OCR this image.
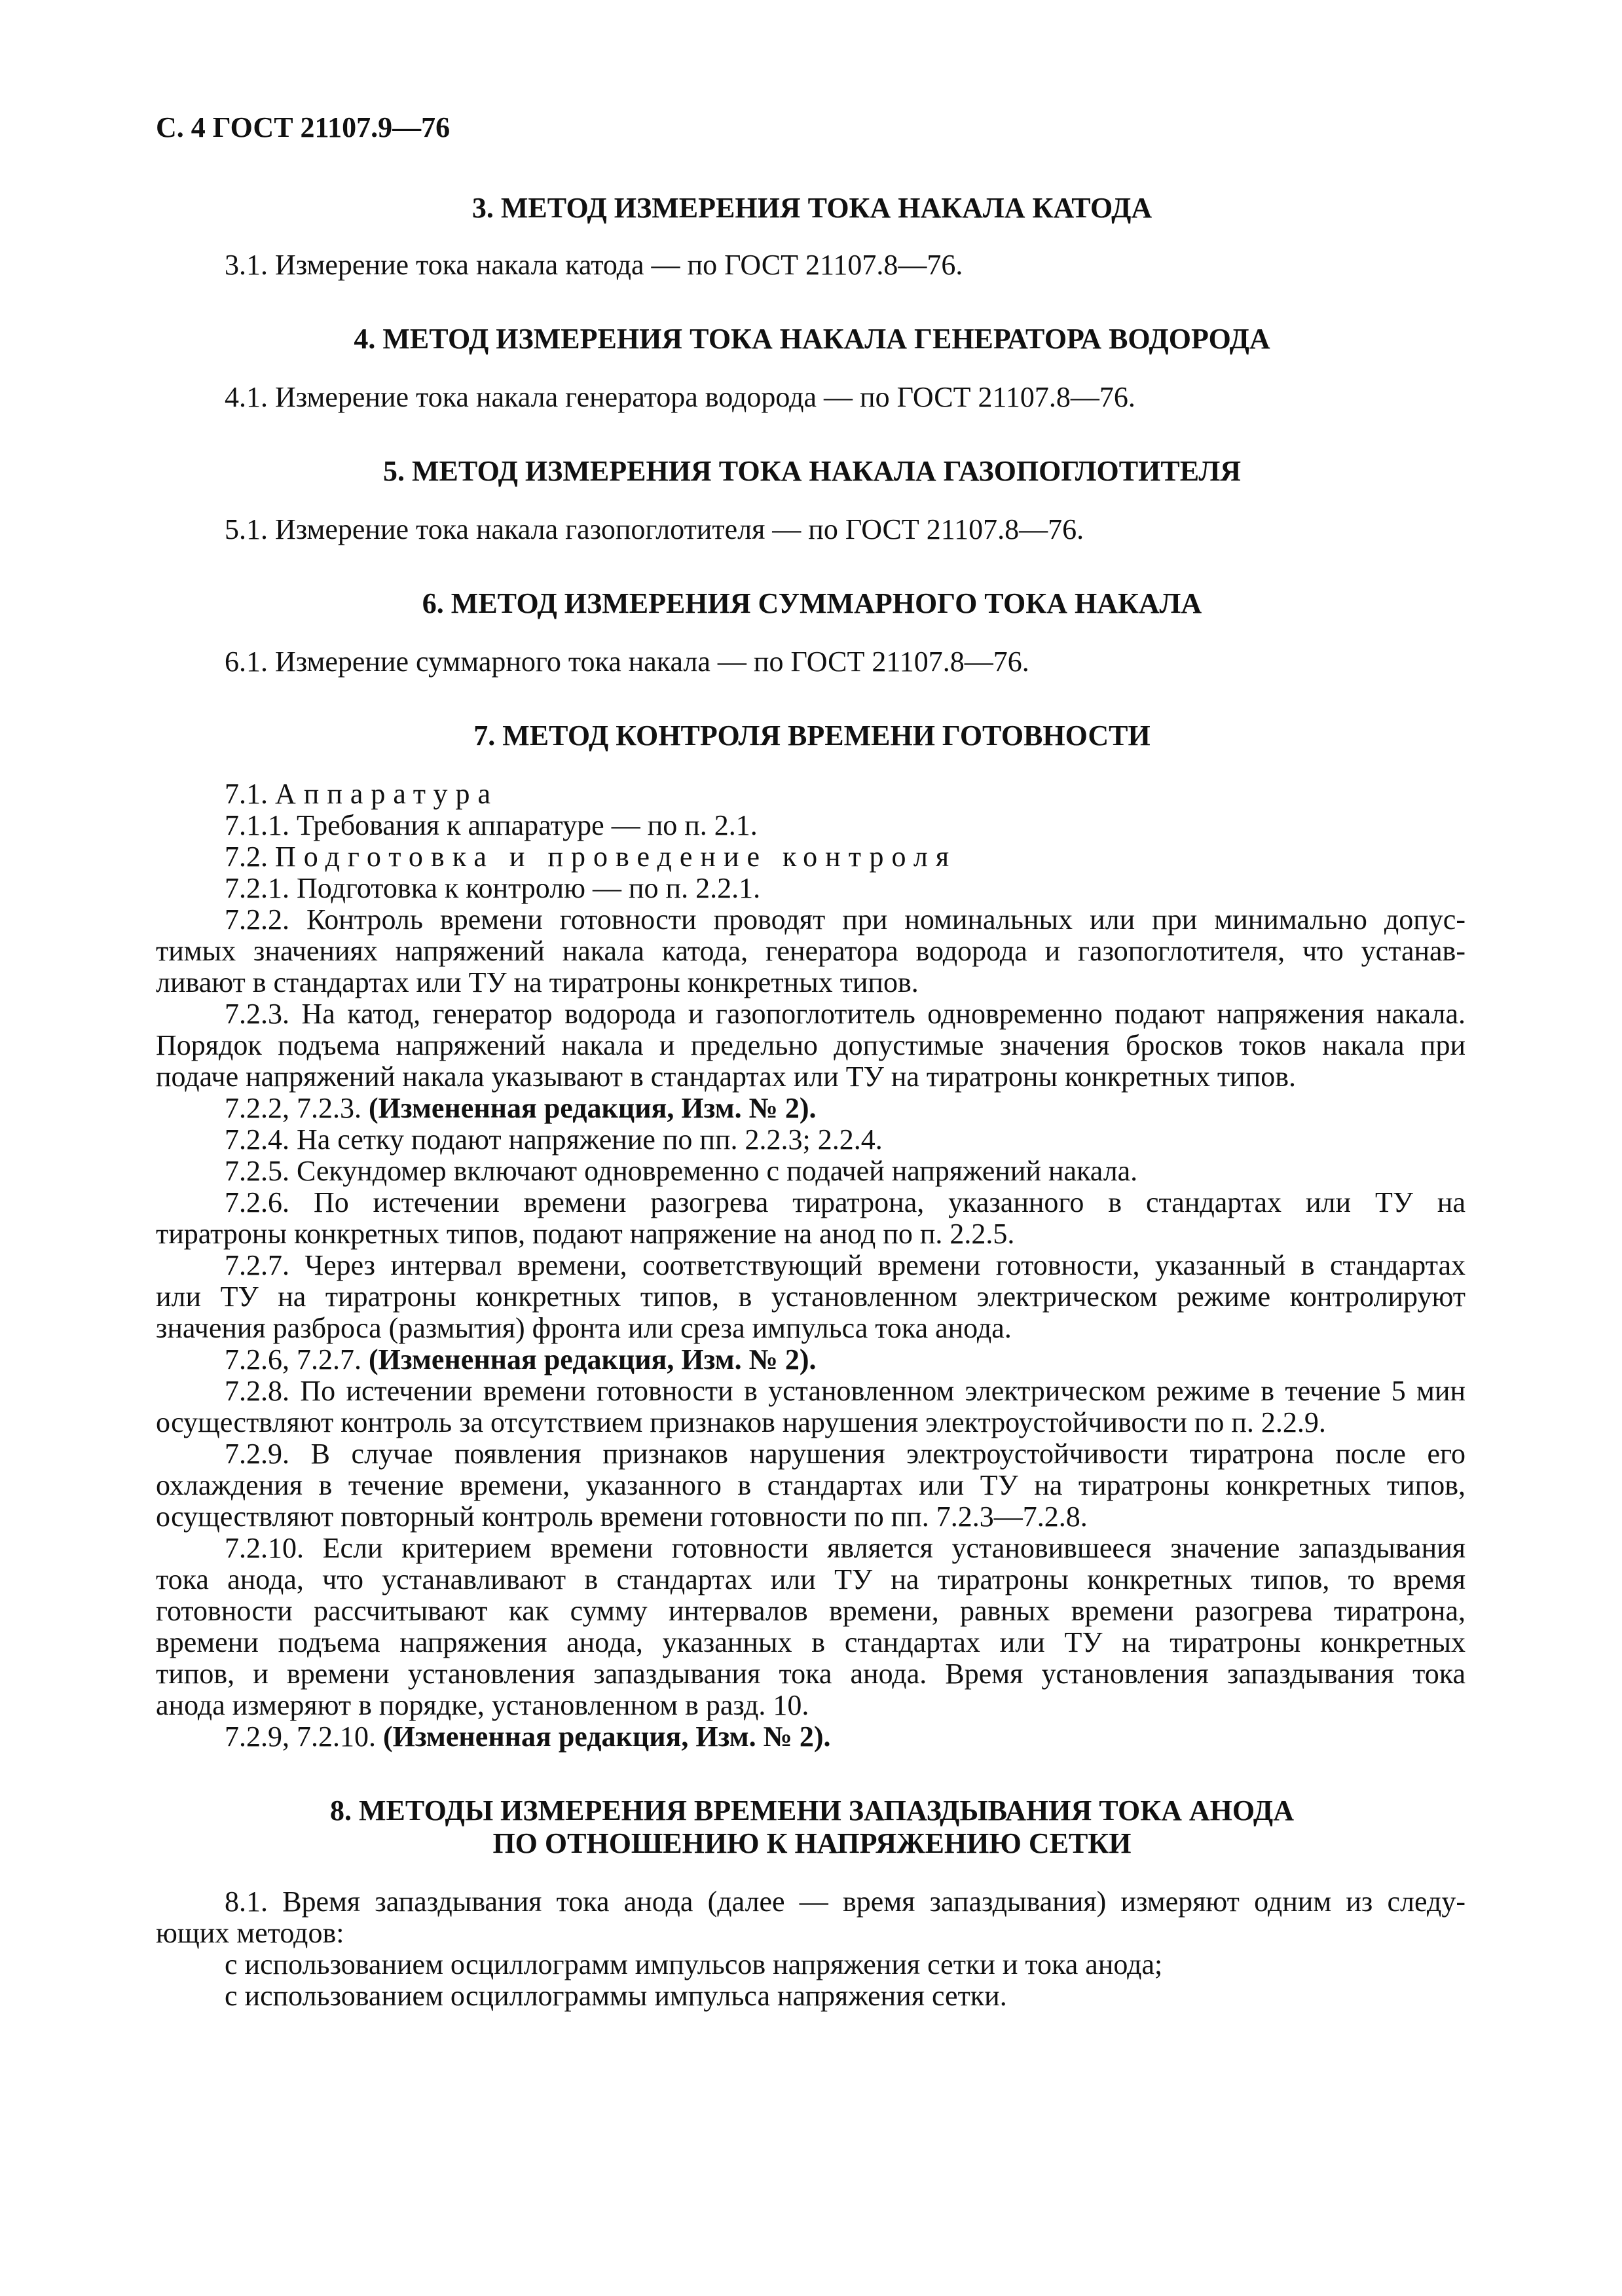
С. 4 ГОСТ 21107.9—76
3. МЕТОД ИЗМЕРЕНИЯ ТОКА НАКАЛА КАТОДА
3.1. Измерение тока накала катода — по ГОСТ 21107.8—76.
4. МЕТОД ИЗМЕРЕНИЯ ТОКА НАКАЛА ГЕНЕРАТОРА ВОДОРОДА
4.1. Измерение тока накала генератора водорода — по ГОСТ 21107.8—76.
5. МЕТОД ИЗМЕРЕНИЯ ТОКА НАКАЛА ГАЗОПОГЛОТИТЕЛЯ
5.1. Измерение тока накала газопоглотителя — по ГОСТ 21107.8—76.
6. МЕТОД ИЗМЕРЕНИЯ СУММАРНОГО ТОКА НАКАЛА
6.1. Измерение суммарного тока накала — по ГОСТ 21107.8—76.
7. МЕТОД КОНТРОЛЯ ВРЕМЕНИ ГОТОВНОСТИ
7.1. Аппаратура
7.1.1. Требования к аппаратуре — по п. 2.1.
7.2. Подготовка и проведение контроля
7.2.1. Подготовка к контролю — по п. 2.2.1.
7.2.2. Контроль времени готовности проводят при номинальных или при минимально допус-
тимых значениях напряжений накала катода, генератора водорода и газопоглотителя, что устанав-
ливают в стандартах или ТУ на тиратроны конкретных типов.
7.2.3. На катод, генератор водорода и газопоглотитель одновременно подают напряжения накала.
Порядок подъема напряжений накала и предельно допустимые значения бросков токов накала при
подаче напряжений накала указывают в стандартах или ТУ на тиратроны конкретных типов.
7.2.2, 7.2.3. (Измененная редакция, Изм. № 2).
7.2.4. На сетку подают напряжение по пп. 2.2.3; 2.2.4.
7.2.5. Секундомер включают одновременно с подачей напряжений накала.
7.2.6. По истечении времени разогрева тиратрона, указанного в стандартах или ТУ на
тиратроны конкретных типов, подают напряжение на анод по п. 2.2.5.
7.2.7. Через интервал времени, соответствующий времени готовности, указанный в стандартах
или ТУ на тиратроны конкретных типов, в установленном электрическом режиме контролируют
значения разброса (размытия) фронта или среза импульса тока анода.
7.2.6, 7.2.7. (Измененная редакция, Изм. № 2).
7.2.8. По истечении времени готовности в установленном электрическом режиме в течение 5 мин
осуществляют контроль за отсутствием признаков нарушения электроустойчивости по п. 2.2.9.
7.2.9. В случае появления признаков нарушения электроустойчивости тиратрона после его
охлаждения в течение времени, указанного в стандартах или ТУ на тиратроны конкретных типов,
осуществляют повторный контроль времени готовности по пп. 7.2.3—7.2.8.
7.2.10. Если критерием времени готовности является установившееся значение запаздывания
тока анода, что устанавливают в стандартах или ТУ на тиратроны конкретных типов, то время
готовности рассчитывают как сумму интервалов времени, равных времени разогрева тиратрона,
времени подъема напряжения анода, указанных в стандартах или ТУ на тиратроны конкретных
типов, и времени установления запаздывания тока анода. Время установления запаздывания тока
анода измеряют в порядке, установленном в разд. 10.
7.2.9, 7.2.10. (Измененная редакция, Изм. № 2).
8. МЕТОДЫ ИЗМЕРЕНИЯ ВРЕМЕНИ ЗАПАЗДЫВАНИЯ ТОКА АНОДА
ПО ОТНОШЕНИЮ К НАПРЯЖЕНИЮ СЕТКИ
8.1. Время запаздывания тока анода (далее — время запаздывания) измеряют одним из следу-
ющих методов:
с использованием осциллограмм импульсов напряжения сетки и тока анода;
с использованием осциллограммы импульса напряжения сетки.
